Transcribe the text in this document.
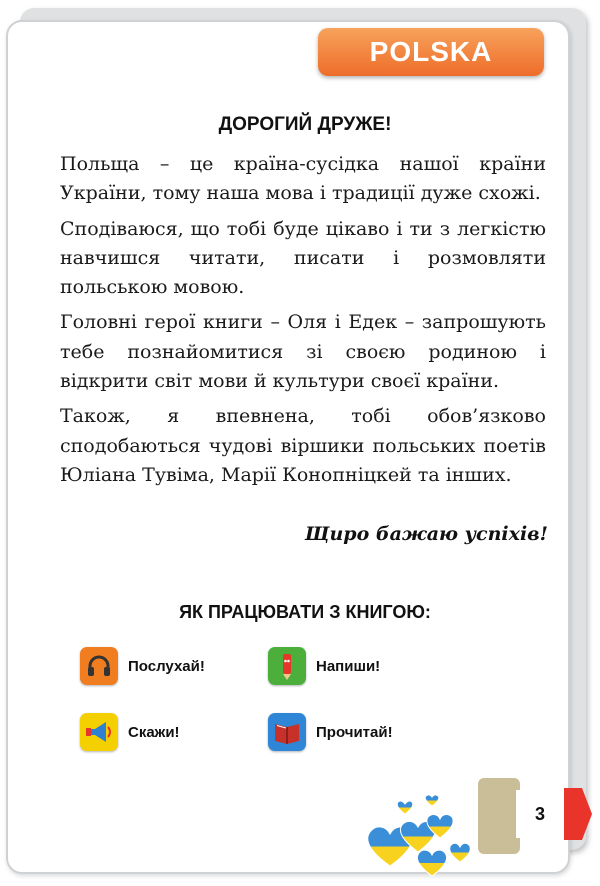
POLSKA
ДОРОГИЙ ДРУЖЕ!

Польща – це країна-сусідка нашої країни України, тому наша мова і традиції дуже схожі.

Сподіваюся, що тобі буде цікаво і ти з легкістю навчишся читати, писати і розмовляти польською мовою.

Головні герої книги – Оля і Едек – запрошують тебе познайомитися зі своєю родиною і відкрити світ мови й культури своєї країни.

Також, я впевнена, тобі обов’язково сподобаються чудові віршики польських поетів Юліана Тувіма, Марії Конопніцкей та інших.

Щиро бажаю успіхів!
ЯК ПРАЦЮВАТИ З КНИГОЮ:
Послухай!	Напиши!
Скажи!	Прочитай!
3
